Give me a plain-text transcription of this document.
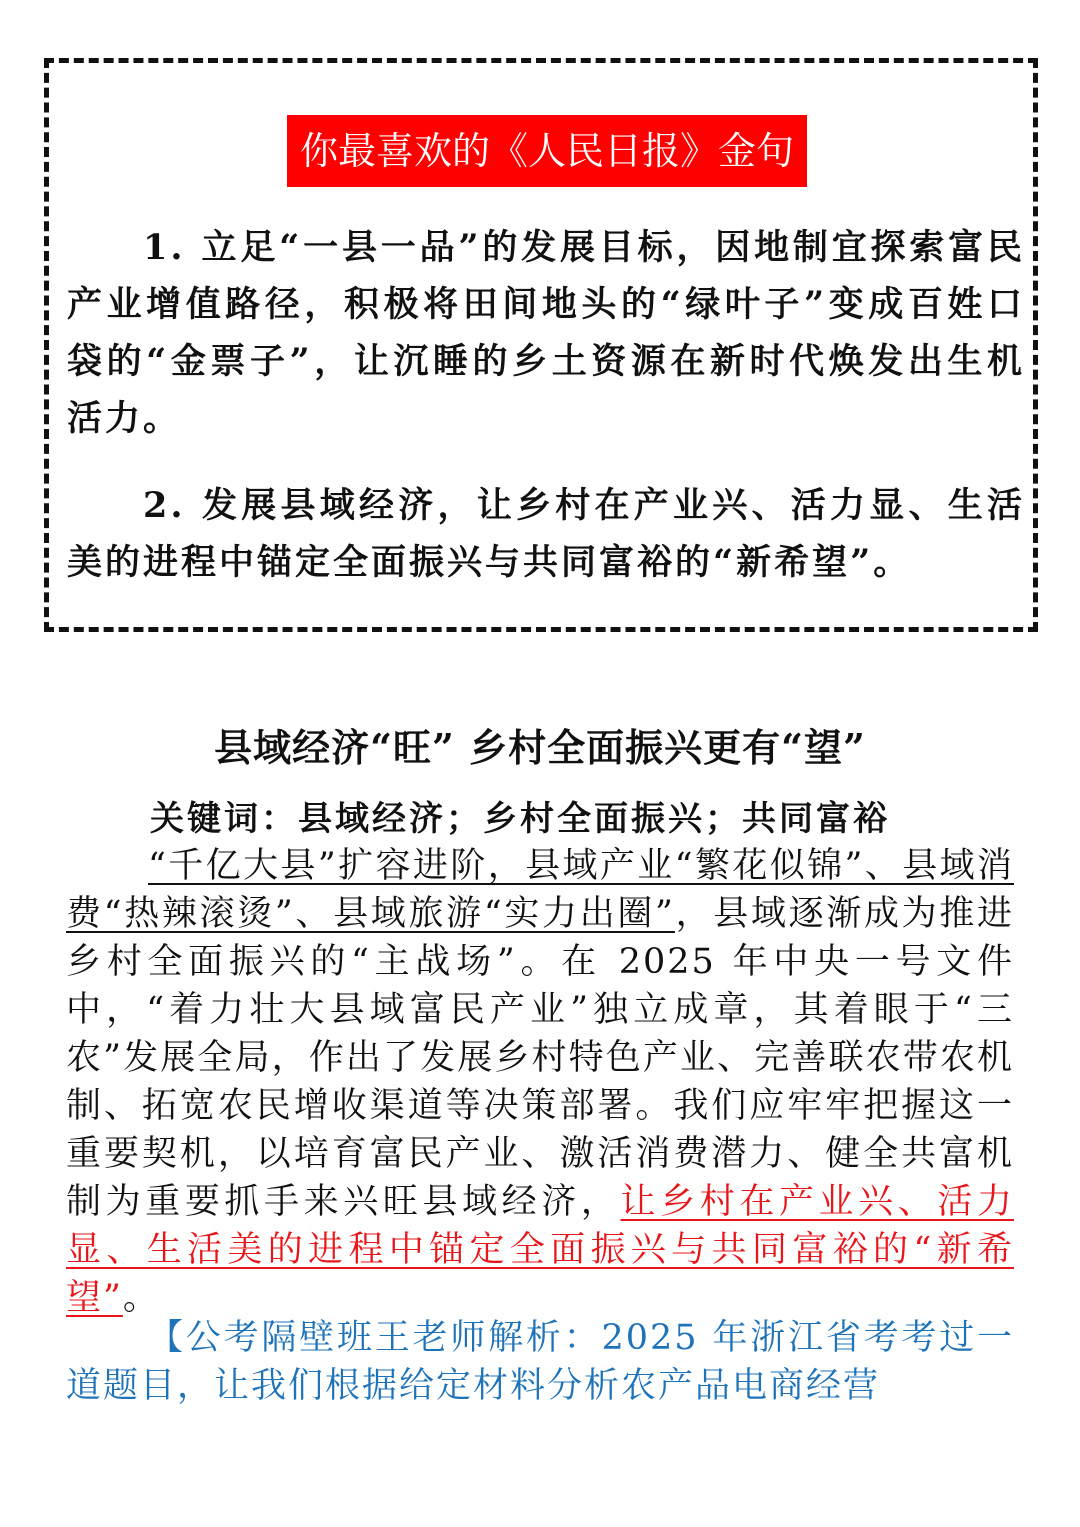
你最喜欢的《人民日报》金句

1. 立足“一县一品”的发展目标，因地制宜探索富民产业增值路径，积极将田间地头的“绿叶子”变成百姓口袋的“金票子”，让沉睡的乡土资源在新时代焕发出生机活力。

2. 发展县域经济，让乡村在产业兴、活力显、生活美的进程中锚定全面振兴与共同富裕的“新希望”。

县域经济“旺” 乡村全面振兴更有“望”

关键词：县域经济；乡村全面振兴；共同富裕

“千亿大县”扩容进阶，县域产业“繁花似锦”、县域消费“热辣滚烫”、县域旅游“实力出圈”，县域逐渐成为推进乡村全面振兴的“主战场”。在 2025 年中央一号文件中，“着力壮大县域富民产业”独立成章，其着眼于“三农”发展全局，作出了发展乡村特色产业、完善联农带农机制、拓宽农民增收渠道等决策部署。我们应牢牢把握这一重要契机，以培育富民产业、激活消费潜力、健全共富机制为重要抓手来兴旺县域经济，让乡村在产业兴、活力显、生活美的进程中锚定全面振兴与共同富裕的“新希望”。

【公考隔壁班王老师解析：2025 年浙江省考考过一道题目，让我们根据给定材料分析农产品电商经营
